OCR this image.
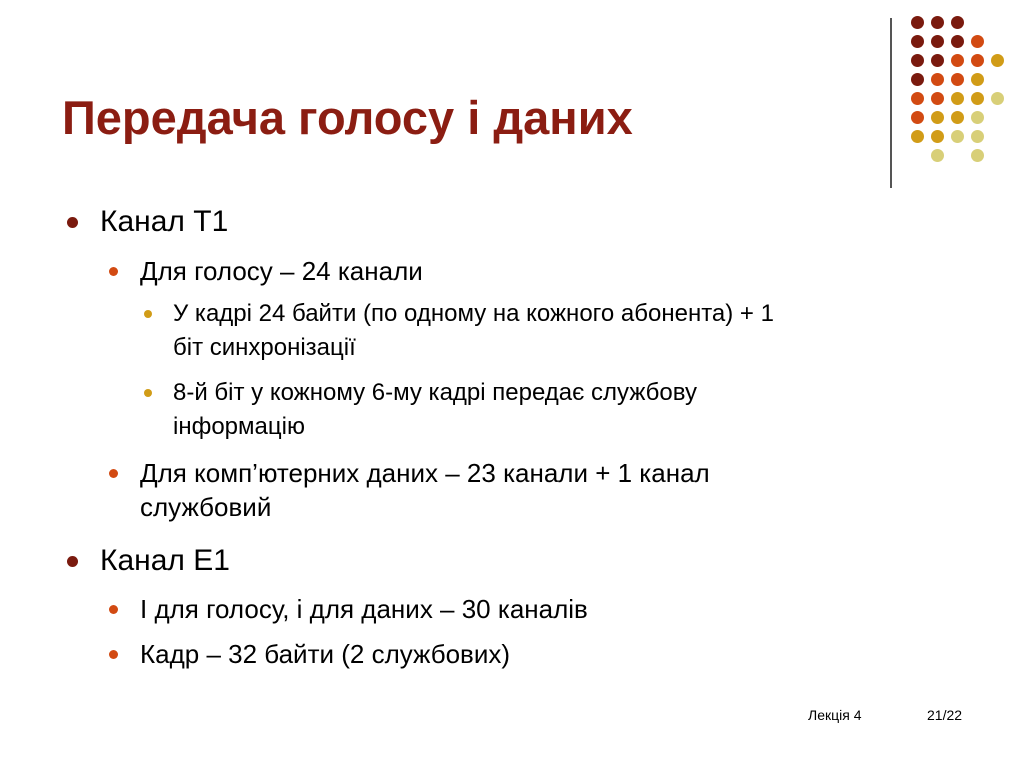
Передача голосу і даних
Канал T1
Для голосу – 24 канали
У кадрі 24 байти (по одному на кожного абонента) + 1
біт синхронізації
8-й біт у кожному 6-му кадрі передає службову
інформацію
Для комп’ютерних даних – 23 канали + 1 канал
службовий
Канал E1
І для голосу, і для даних – 30 каналів
Кадр – 32 байти (2 службових)
Лекція 4	21/22
